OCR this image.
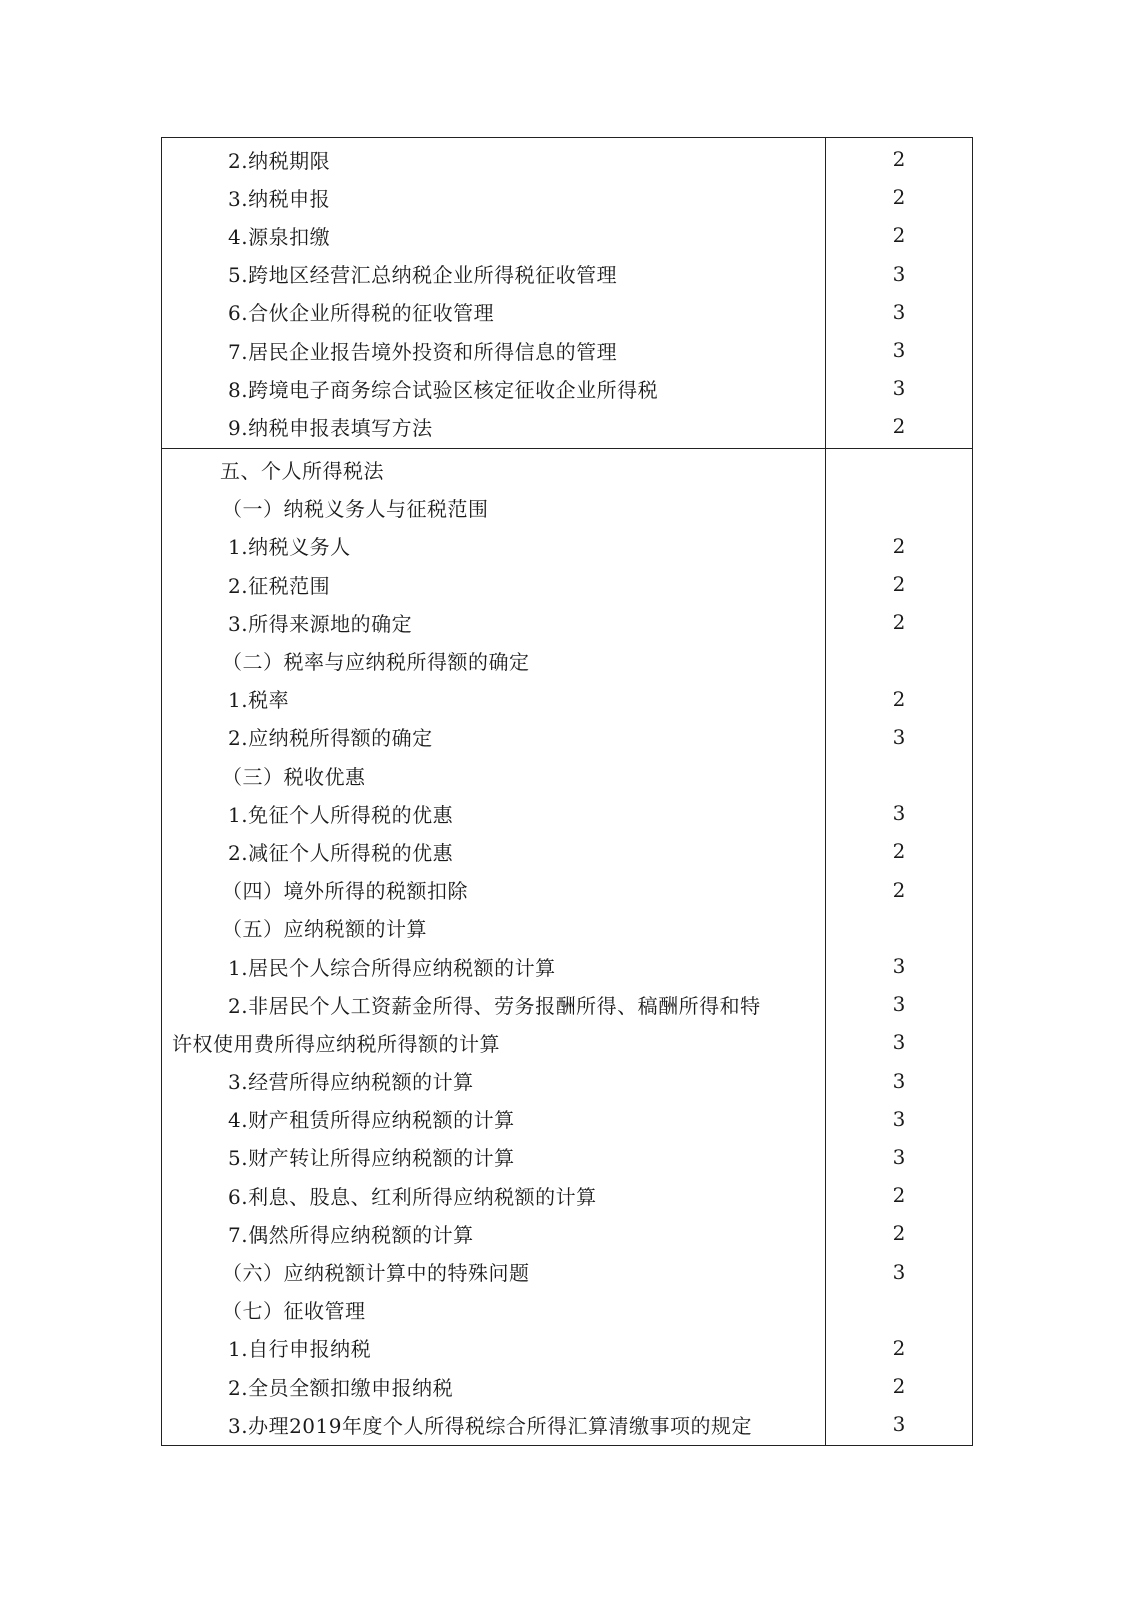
2.纳税期限
3.纳税申报
4.源泉扣缴
5.跨地区经营汇总纳税企业所得税征收管理
6.合伙企业所得税的征收管理
7.居民企业报告境外投资和所得信息的管理
8.跨境电子商务综合试验区核定征收企业所得税
9.纳税申报表填写方法
2
2
2
3
3
3
3
2
五、个人所得税法
（一）纳税义务人与征税范围
1.纳税义务人
2.征税范围
3.所得来源地的确定
（二）税率与应纳税所得额的确定
1.税率
2.应纳税所得额的确定
（三）税收优惠
1.免征个人所得税的优惠
2.减征个人所得税的优惠
（四）境外所得的税额扣除
（五）应纳税额的计算
1.居民个人综合所得应纳税额的计算
2.非居民个人工资薪金所得、劳务报酬所得、稿酬所得和特
许权使用费所得应纳税所得额的计算
3.经营所得应纳税额的计算
4.财产租赁所得应纳税额的计算
5.财产转让所得应纳税额的计算
6.利息、股息、红利所得应纳税额的计算
7.偶然所得应纳税额的计算
（六）应纳税额计算中的特殊问题
（七）征收管理
1.自行申报纳税
2.全员全额扣缴申报纳税
3.办理2019年度个人所得税综合所得汇算清缴事项的规定
2
2
2
2
3
3
2
2
3
3
3
3
3
3
2
2
3
2
2
3
